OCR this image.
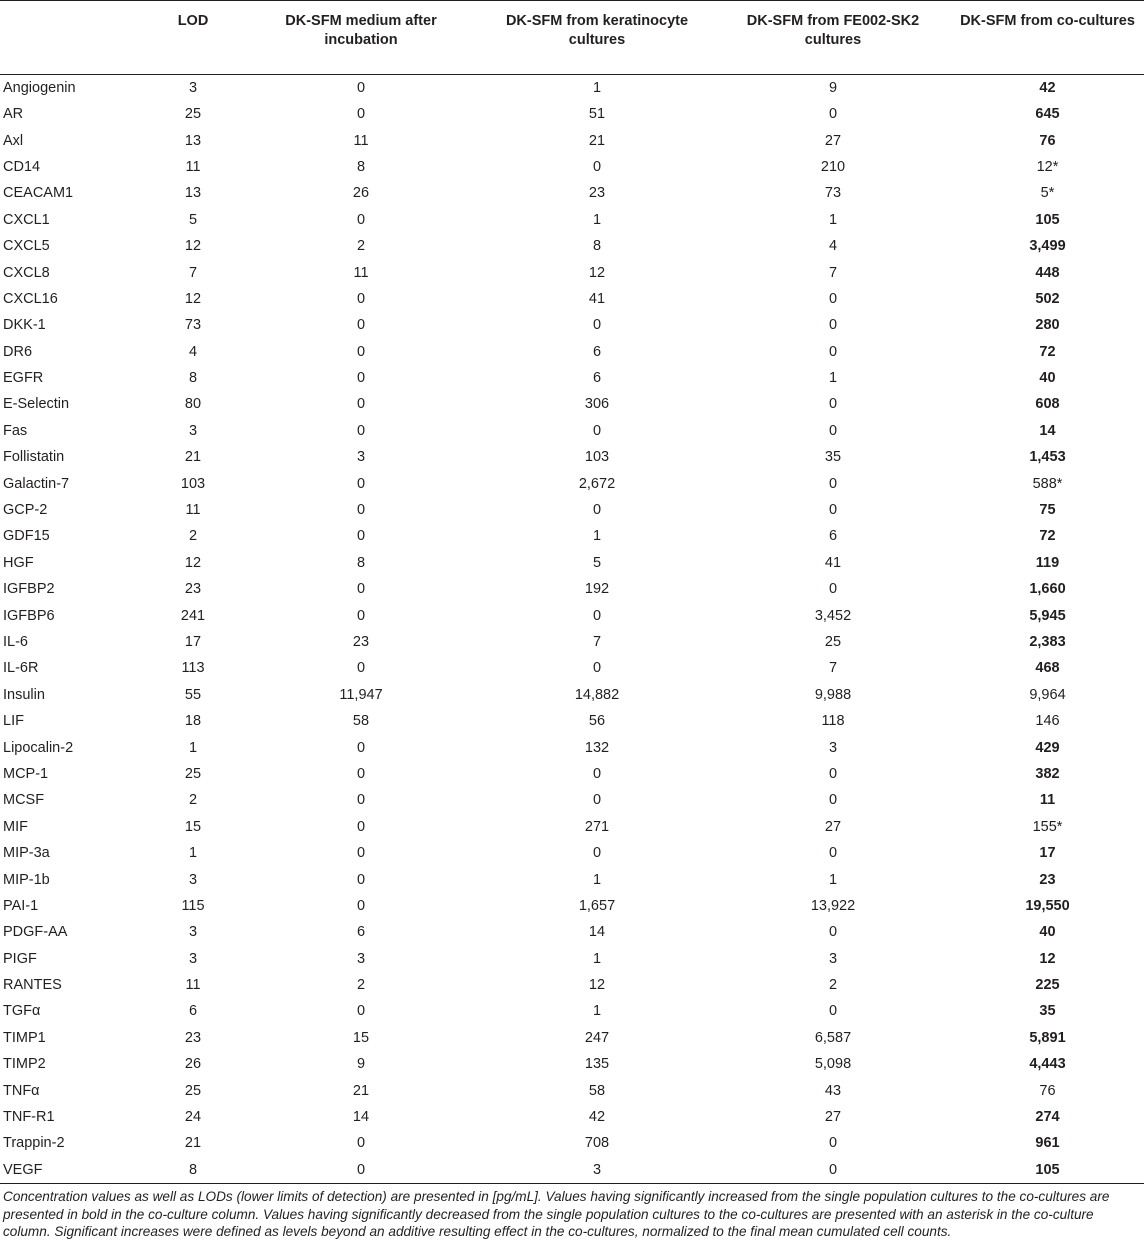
	LOD	DK-SFM medium after incubation	DK-SFM from keratinocyte cultures	DK-SFM from FE002-SK2 cultures	DK-SFM from co-cultures
Angiogenin	3	0	1	9	42
AR	25	0	51	0	645
Axl	13	11	21	27	76
CD14	11	8	0	210	12*
CEACAM1	13	26	23	73	5*
CXCL1	5	0	1	1	105
CXCL5	12	2	8	4	3,499
CXCL8	7	11	12	7	448
CXCL16	12	0	41	0	502
DKK-1	73	0	0	0	280
DR6	4	0	6	0	72
EGFR	8	0	6	1	40
E-Selectin	80	0	306	0	608
Fas	3	0	0	0	14
Follistatin	21	3	103	35	1,453
Galactin-7	103	0	2,672	0	588*
GCP-2	11	0	0	0	75
GDF15	2	0	1	6	72
HGF	12	8	5	41	119
IGFBP2	23	0	192	0	1,660
IGFBP6	241	0	0	3,452	5,945
IL-6	17	23	7	25	2,383
IL-6R	113	0	0	7	468
Insulin	55	11,947	14,882	9,988	9,964
LIF	18	58	56	118	146
Lipocalin-2	1	0	132	3	429
MCP-1	25	0	0	0	382
MCSF	2	0	0	0	11
MIF	15	0	271	27	155*
MIP-3a	1	0	0	0	17
MIP-1b	3	0	1	1	23
PAI-1	115	0	1,657	13,922	19,550
PDGF-AA	3	6	14	0	40
PIGF	3	3	1	3	12
RANTES	11	2	12	2	225
TGFα	6	0	1	0	35
TIMP1	23	15	247	6,587	5,891
TIMP2	26	9	135	5,098	4,443
TNFα	25	21	58	43	76
TNF-R1	24	14	42	27	274
Trappin-2	21	0	708	0	961
VEGF	8	0	3	0	105
Concentration values as well as LODs (lower limits of detection) are presented in [pg/mL]. Values having significantly increased from the single population cultures to the co-cultures are presented in bold in the co-culture column. Values having significantly decreased from the single population cultures to the co-cultures are presented with an asterisk in the co-culture column. Significant increases were defined as levels beyond an additive resulting effect in the co-cultures, normalized to the final mean cumulated cell counts.
